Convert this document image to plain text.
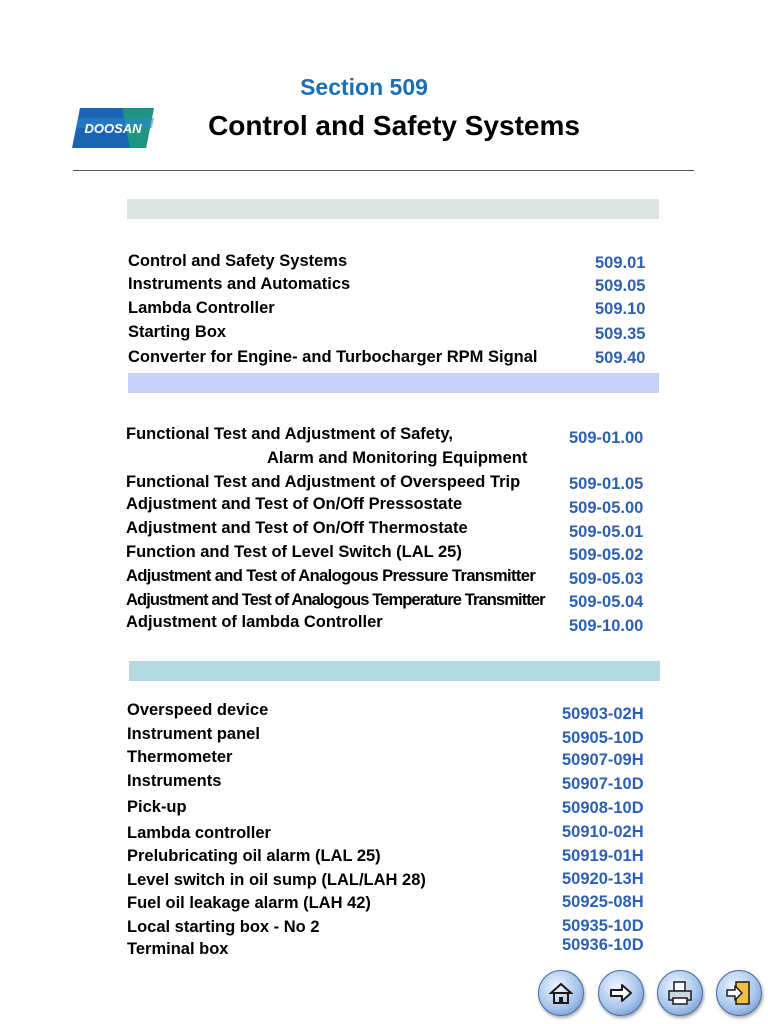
Section 509
Control and Safety Systems
DOOSAN
Control and Safety Systems	509.01
Instruments and Automatics	509.05
Lambda Controller	509.10
Starting Box	509.35
Converter for Engine- and Turbocharger RPM Signal	509.40
Functional Test and Adjustment of Safety,
Alarm and Monitoring Equipment
509-01.00
Functional Test and Adjustment of Overspeed Trip	509-01.05
Adjustment and Test of On/Off Pressostate	509-05.00
Adjustment and Test of On/Off Thermostate	509-05.01
Function and Test of Level Switch (LAL 25)	509-05.02
Adjustment and Test of Analogous Pressure Transmitter 509-05.03
Adjustment and Test of Analogous Temperature Transmitter 509-05.04
Adjustment of lambda Controller	509-10.00
Overspeed device	50903-02H
Instrument panel	50905-10D
Thermometer	50907-09H
Instruments	50907-10D
Pick-up	50908-10D
Lambda controller	50910-02H
Prelubricating oil alarm (LAL 25)	50919-01H
Level switch in oil sump (LAL/LAH 28)	50920-13H
Fuel oil leakage alarm (LAH 42)	50925-08H
Local starting box - No 2	50935-10D
Terminal box	50936-10D
